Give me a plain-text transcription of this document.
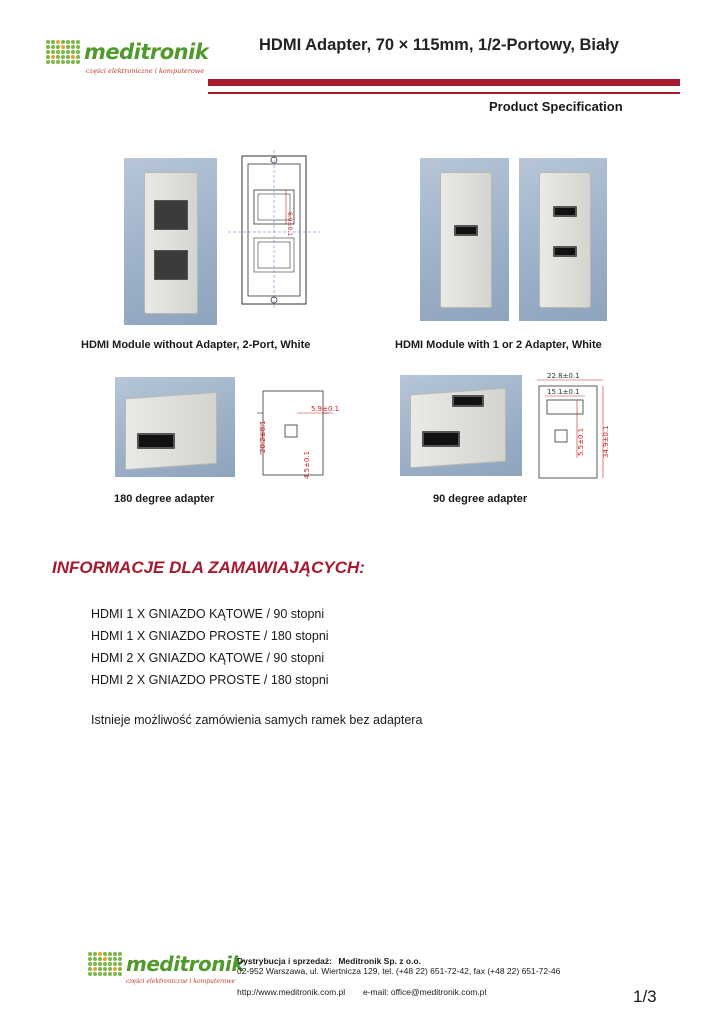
meditronik
części elektroniczne i komputerowe
HDMI Adapter, 70 × 115mm, 1/2-Portowy, Biały
Product Specification
6.9±0.1
HDMI Module without Adapter, 2-Port, White	HDMI Module with 1 or 2 Adapter, White
5.9±0.1
20.2±0.1
4.5±0.1
22.8±0.1
15.1±0.1
5.5±0.1 34.9±0.1
180 degree adapter	90 degree adapter
INFORMACJE DLA ZAMAWIAJĄCYCH:
HDMI 1 X GNIAZDO KĄTOWE / 90 stopni
HDMI 1 X GNIAZDO PROSTE / 180 stopni
HDMI 2 X GNIAZDO KĄTOWE / 90 stopni
HDMI 2 X GNIAZDO PROSTE / 180 stopni
Istnieje możliwość zamówienia samych ramek bez adaptera
meditronik
części elektroniczne i komputerowe
Dystrybucja i sprzedaż: Meditronik Sp. z o.o.
02-952 Warszawa, ul. Wiertnicza 129, tel. (+48 22) 651-72-42, fax (+48 22) 651-72-46
http://www.meditronik.com.pl e-mail: office@meditronik.com.pl	1/3
